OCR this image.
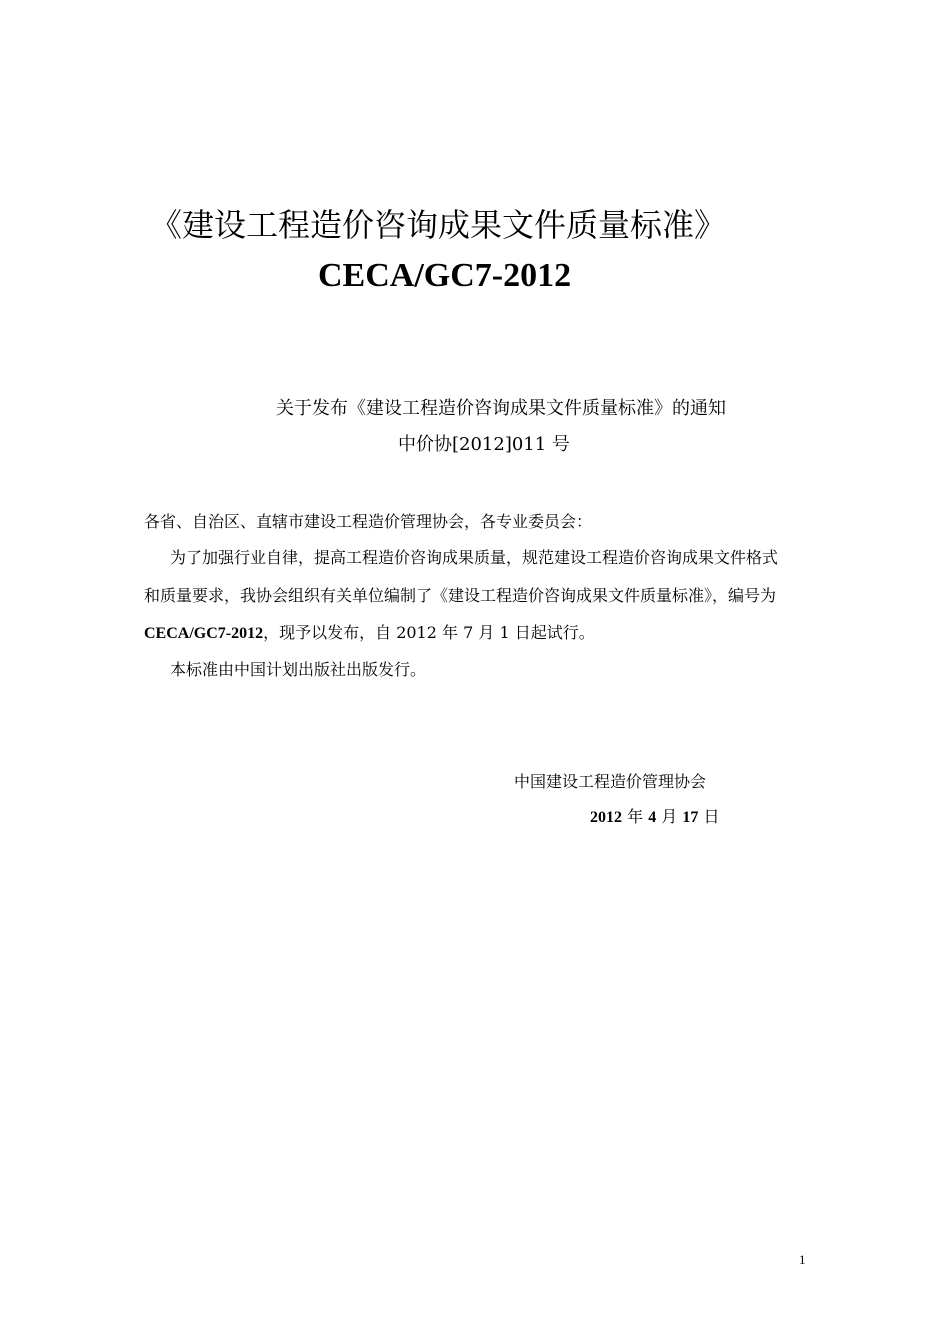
《建设工程造价咨询成果文件质量标准》
CECA/GC7-2012
关于发布《建设工程造价咨询成果文件质量标准》的通知
中价协[2012]011 号
各省、自治区、直辖市建设工程造价管理协会，各专业委员会：
为了加强行业自律，提高工程造价咨询成果质量，规范建设工程造价咨询成果文件格式
和质量要求，我协会组织有关单位编制了《建设工程造价咨询成果文件质量标准》，编号为
CECA/GC7-2012，现予以发布，自 2012 年 7 月 1 日起试行。
本标准由中国计划出版社出版发行。
中国建设工程造价管理协会
2012 年 4 月 17 日
1
